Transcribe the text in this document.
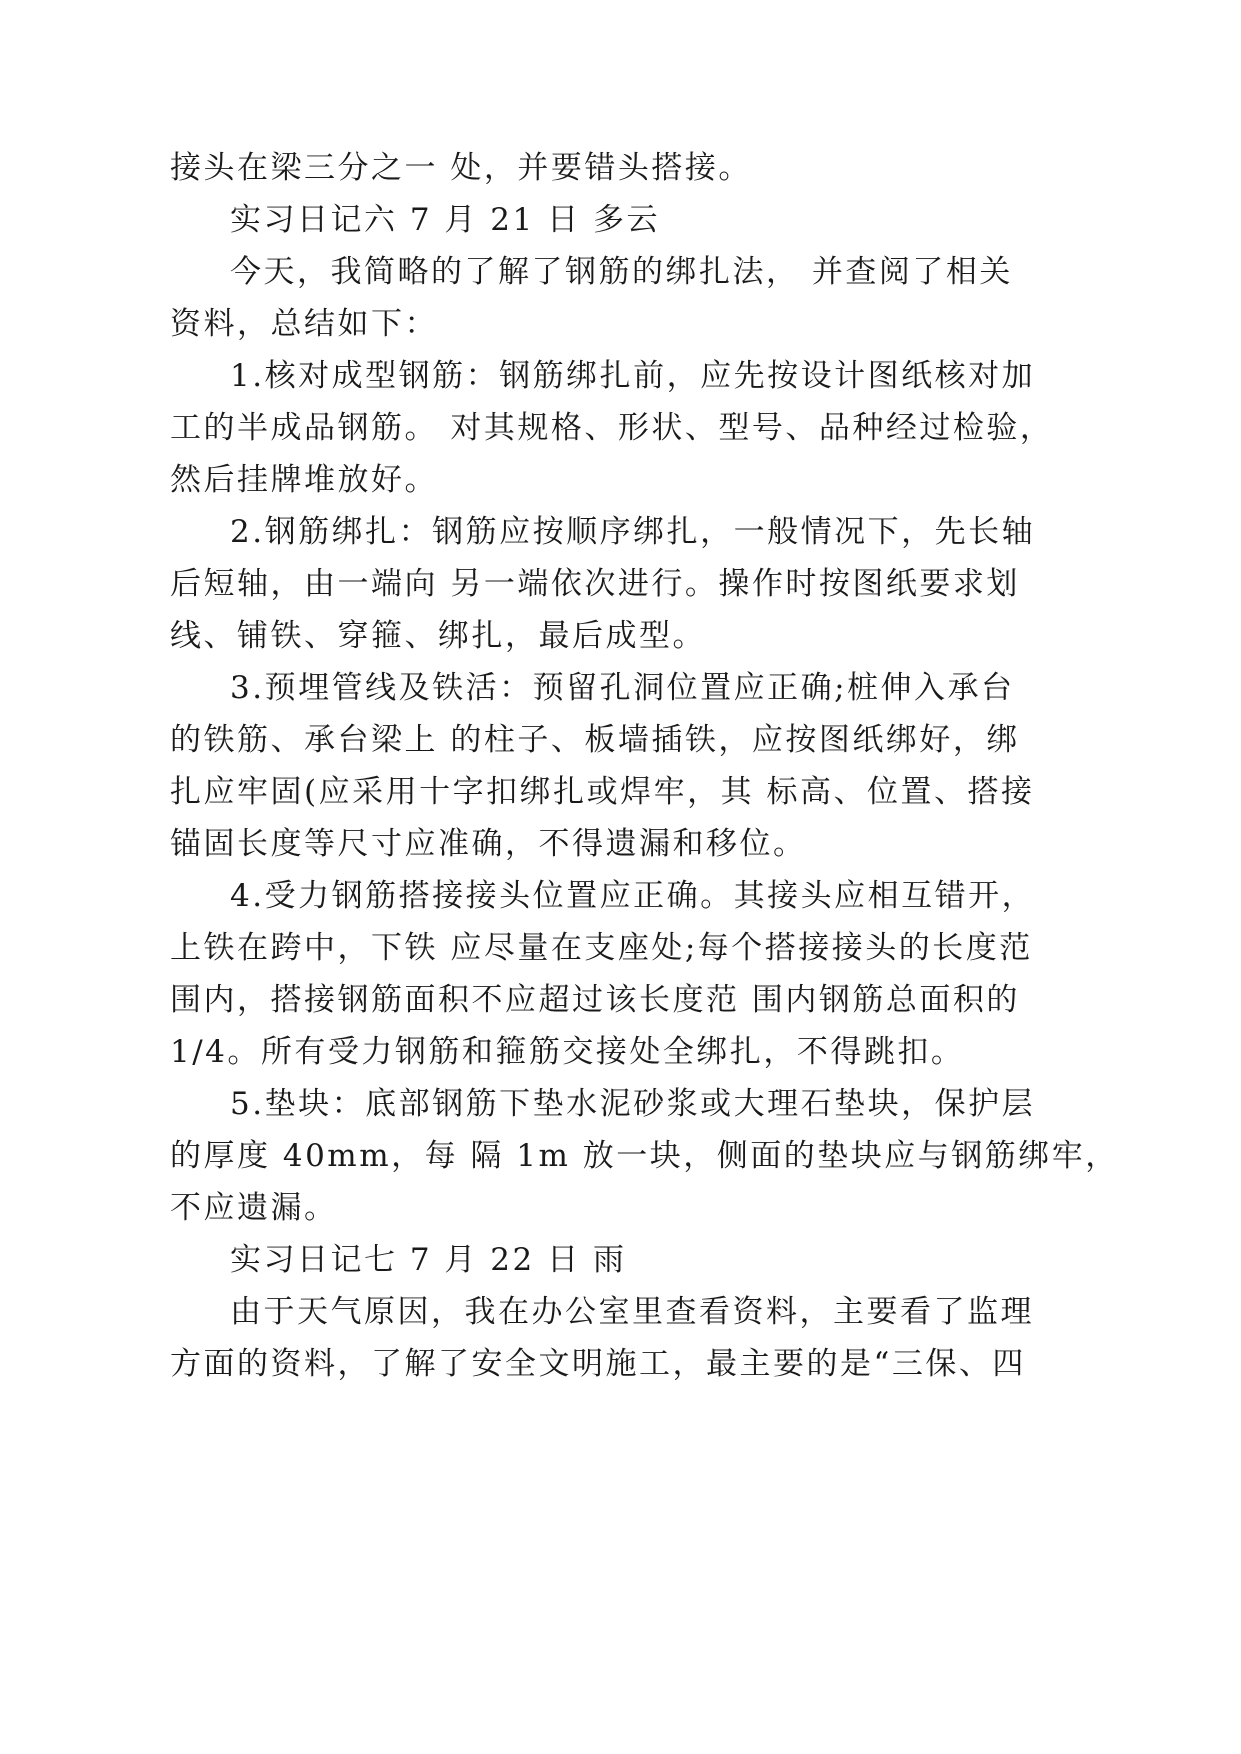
接头在梁三分之一 处，并要错头搭接。
实习日记六 7 月 21 日 多云
今天，我简略的了解了钢筋的绑扎法， 并查阅了相关
资料，总结如下：
1.核对成型钢筋：钢筋绑扎前，应先按设计图纸核对加
工的半成品钢筋。 对其规格、形状、型号、品种经过检验，
然后挂牌堆放好。
2.钢筋绑扎：钢筋应按顺序绑扎，一般情况下，先长轴
后短轴，由一端向 另一端依次进行。操作时按图纸要求划
线、铺铁、穿箍、绑扎，最后成型。
3.预埋管线及铁活：预留孔洞位置应正确;桩伸入承台
的铁筋、承台梁上 的柱子、板墙插铁，应按图纸绑好，绑
扎应牢固(应采用十字扣绑扎或焊牢，其 标高、位置、搭接
锚固长度等尺寸应准确，不得遗漏和移位。
4.受力钢筋搭接接头位置应正确。其接头应相互错开，
上铁在跨中，下铁 应尽量在支座处;每个搭接接头的长度范
围内，搭接钢筋面积不应超过该长度范 围内钢筋总面积的
1/4。所有受力钢筋和箍筋交接处全绑扎，不得跳扣。
5.垫块：底部钢筋下垫水泥砂浆或大理石垫块，保护层
的厚度 40mm，每 隔 1m 放一块，侧面的垫块应与钢筋绑牢，
不应遗漏。
实习日记七 7 月 22 日 雨
由于天气原因，我在办公室里查看资料，主要看了监理
方面的资料，了解了安全文明施工，最主要的是“三保、四
